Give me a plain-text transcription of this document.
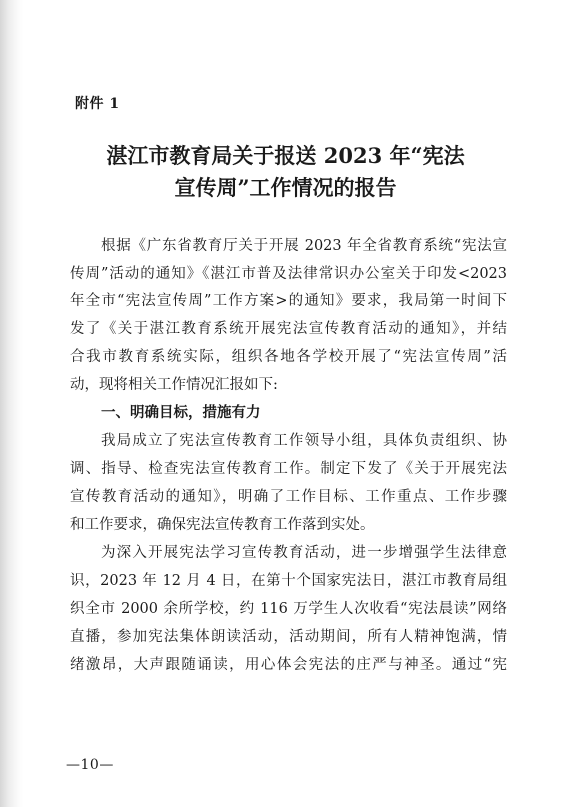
附件 1
湛江市教育局关于报送 2023 年“宪法
宣传周”工作情况的报告
根据《广东省教育厅关于开展 2023 年全省教育系统“宪法宣
传周”活动的通知》《湛江市普及法律常识办公室关于印发<2023
年全市“宪法宣传周”工作方案>的通知》要求，我局第一时间下
发了《关于湛江教育系统开展宪法宣传教育活动的通知》，并结
合我市教育系统实际，组织各地各学校开展了“宪法宣传周”活
动，现将相关工作情况汇报如下:
一、明确目标，措施有力
我局成立了宪法宣传教育工作领导小组，具体负责组织、协
调、指导、检查宪法宣传教育工作。制定下发了《关于开展宪法
宣传教育活动的通知》，明确了工作目标、工作重点、工作步骤
和工作要求，确保宪法宣传教育工作落到实处。
为深入开展宪法学习宣传教育活动，进一步增强学生法律意
识，2023 年 12 月 4 日，在第十个国家宪法日，湛江市教育局组
织全市 2000 余所学校，约 116 万学生人次收看“宪法晨读”网络
直播，参加宪法集体朗读活动，活动期间，所有人精神饱满，情
绪激昂，大声跟随诵读，用心体会宪法的庄严与神圣。通过“宪
—10—
